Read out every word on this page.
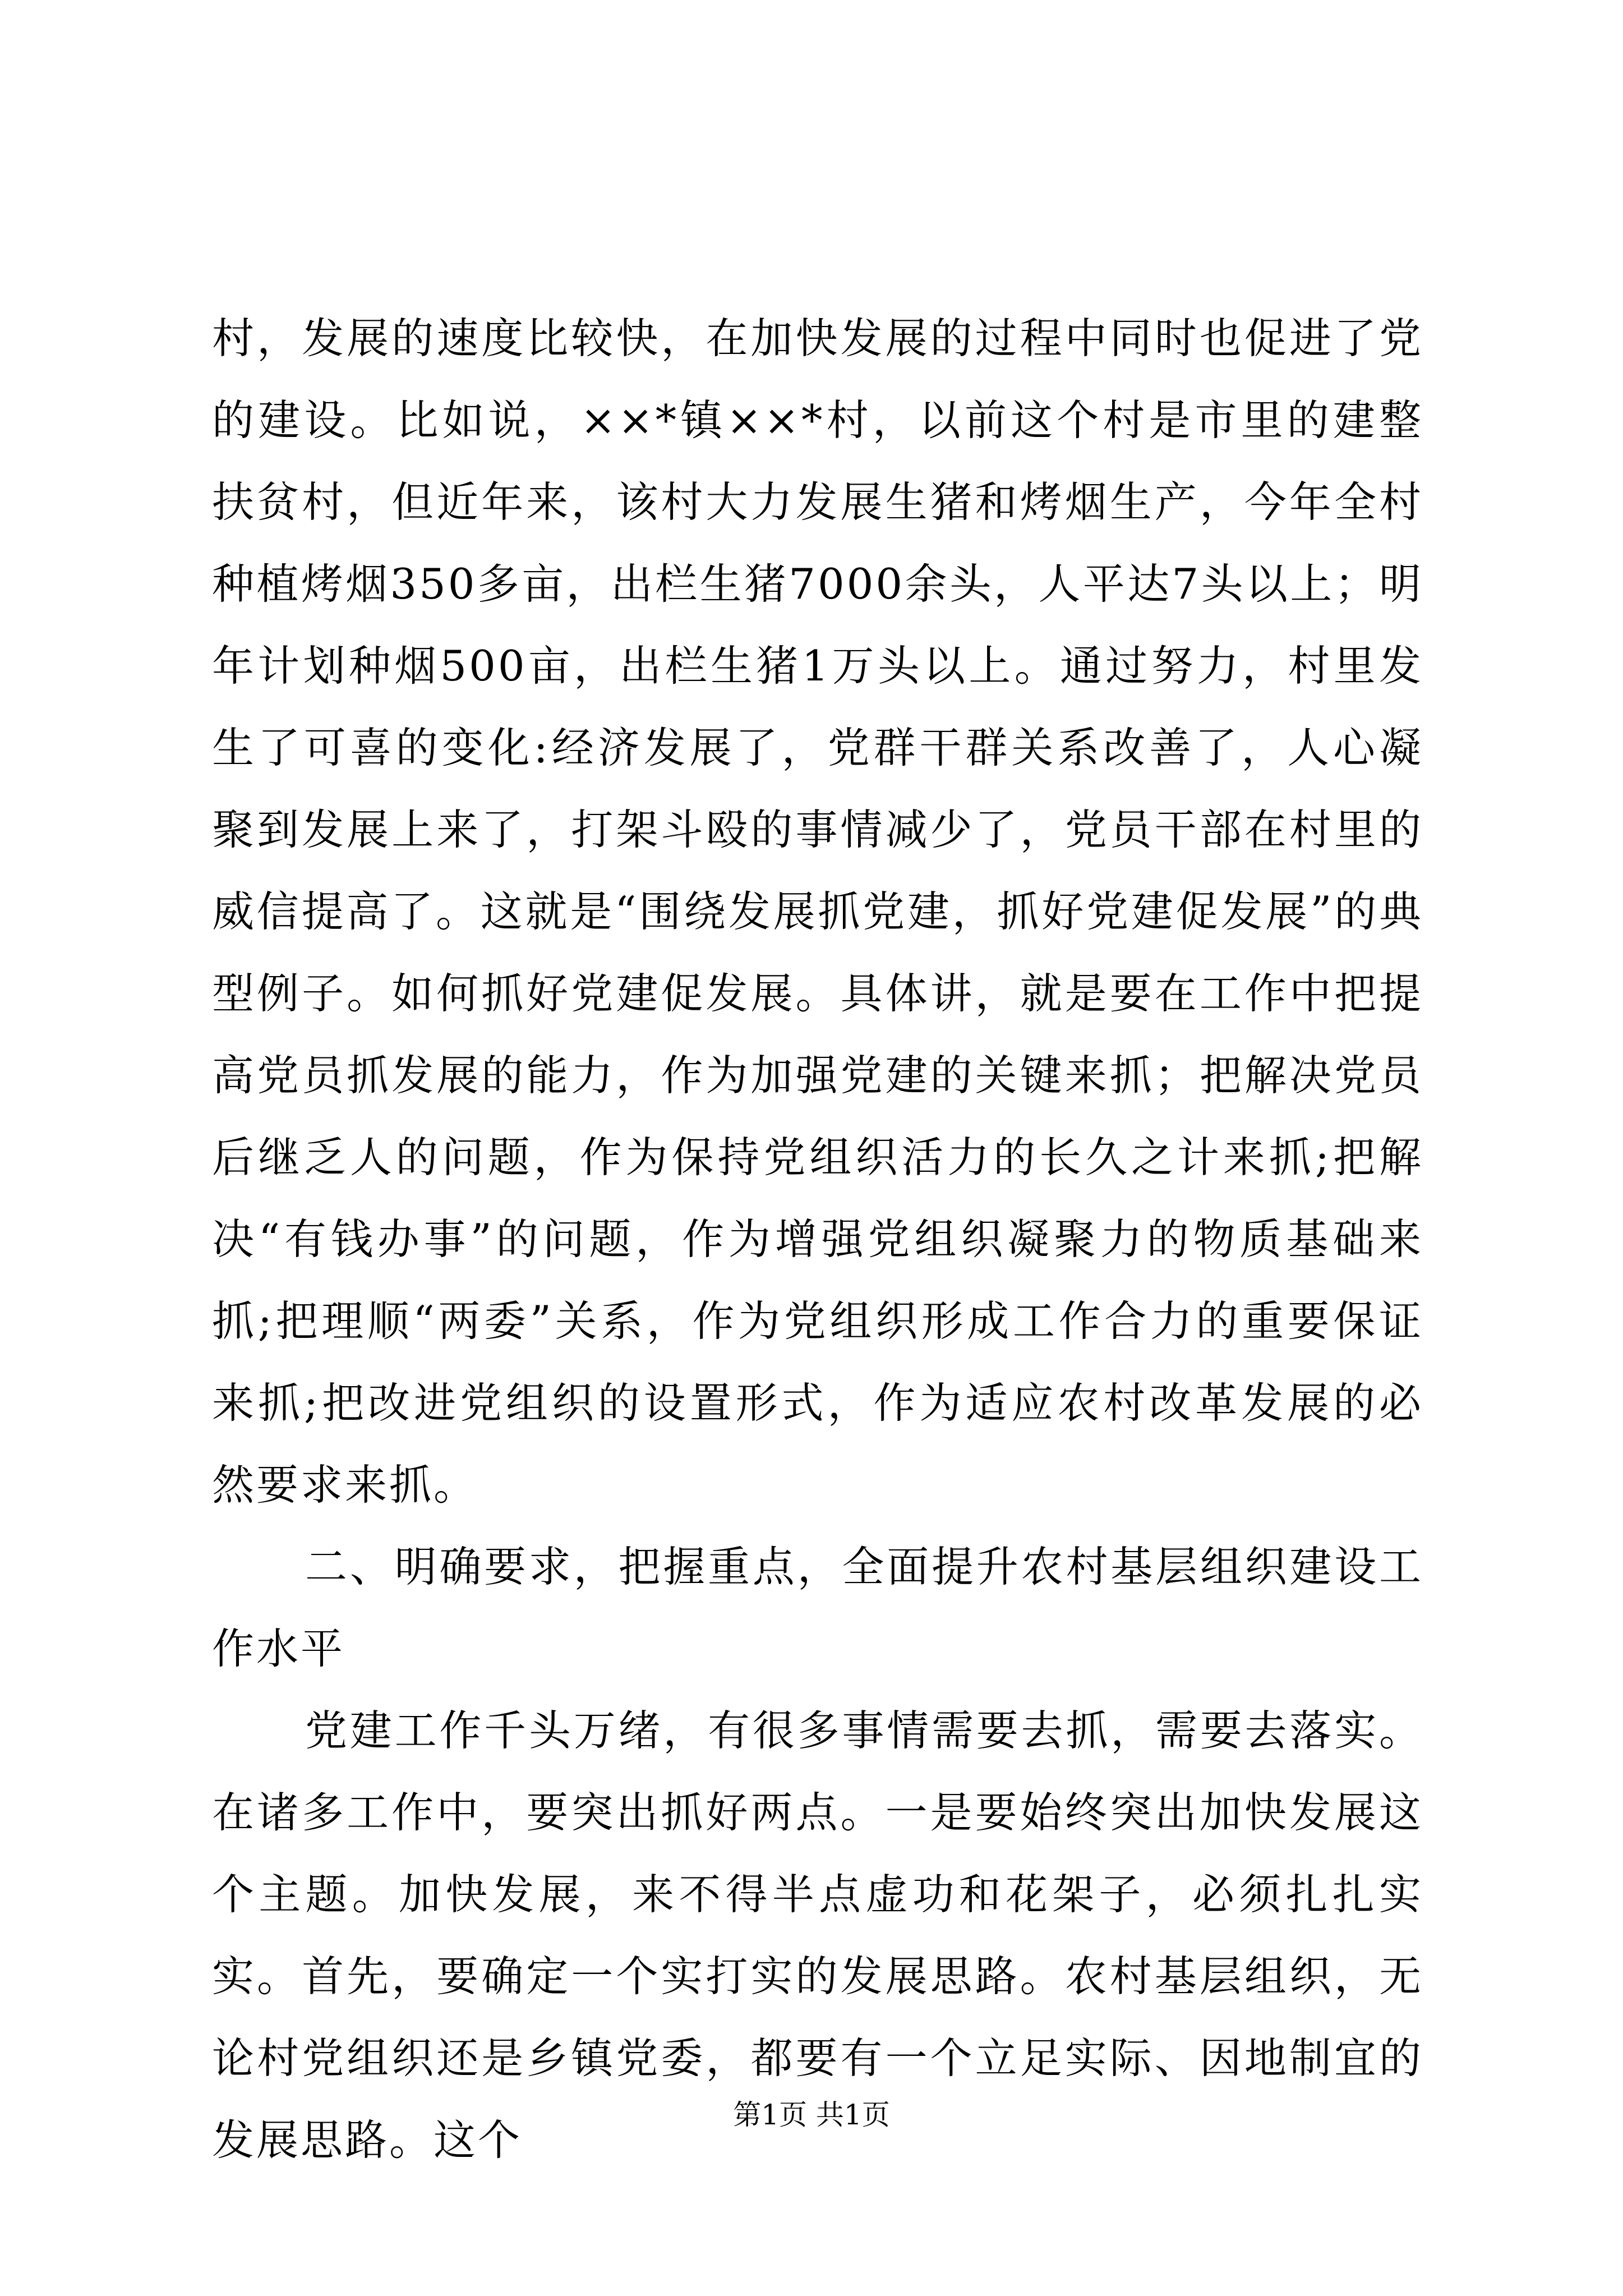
村，发展的速度比较快，在加快发展的过程中同时也促进了党的建设。比如说，××*镇××*村，以前这个村是市里的建整扶贫村，但近年来，该村大力发展生猪和烤烟生产，今年全村种植烤烟350多亩，出栏生猪7000余头，人平达7头以上；明年计划种烟500亩，出栏生猪1万头以上。通过努力，村里发生了可喜的变化:经济发展了，党群干群关系改善了，人心凝聚到发展上来了，打架斗殴的事情减少了，党员干部在村里的威信提高了。这就是“围绕发展抓党建，抓好党建促发展”的典型例子。如何抓好党建促发展。具体讲，就是要在工作中把提高党员抓发展的能力，作为加强党建的关键来抓；把解决党员后继乏人的问题，作为保持党组织活力的长久之计来抓;把解决“有钱办事”的问题，作为增强党组织凝聚力的物质基础来抓;把理顺“两委”关系，作为党组织形成工作合力的重要保证来抓;把改进党组织的设置形式，作为适应农村改革发展的必然要求来抓。

二、明确要求，把握重点，全面提升农村基层组织建设工作水平

党建工作千头万绪，有很多事情需要去抓，需要去落实。在诸多工作中，要突出抓好两点。一是要始终突出加快发展这个主题。加快发展，来不得半点虚功和花架子，必须扎扎实实。首先，要确定一个实打实的发展思路。农村基层组织，无论村党组织还是乡镇党委，都要有一个立足实际、因地制宜的发展思路。这个

第1页 共1页
